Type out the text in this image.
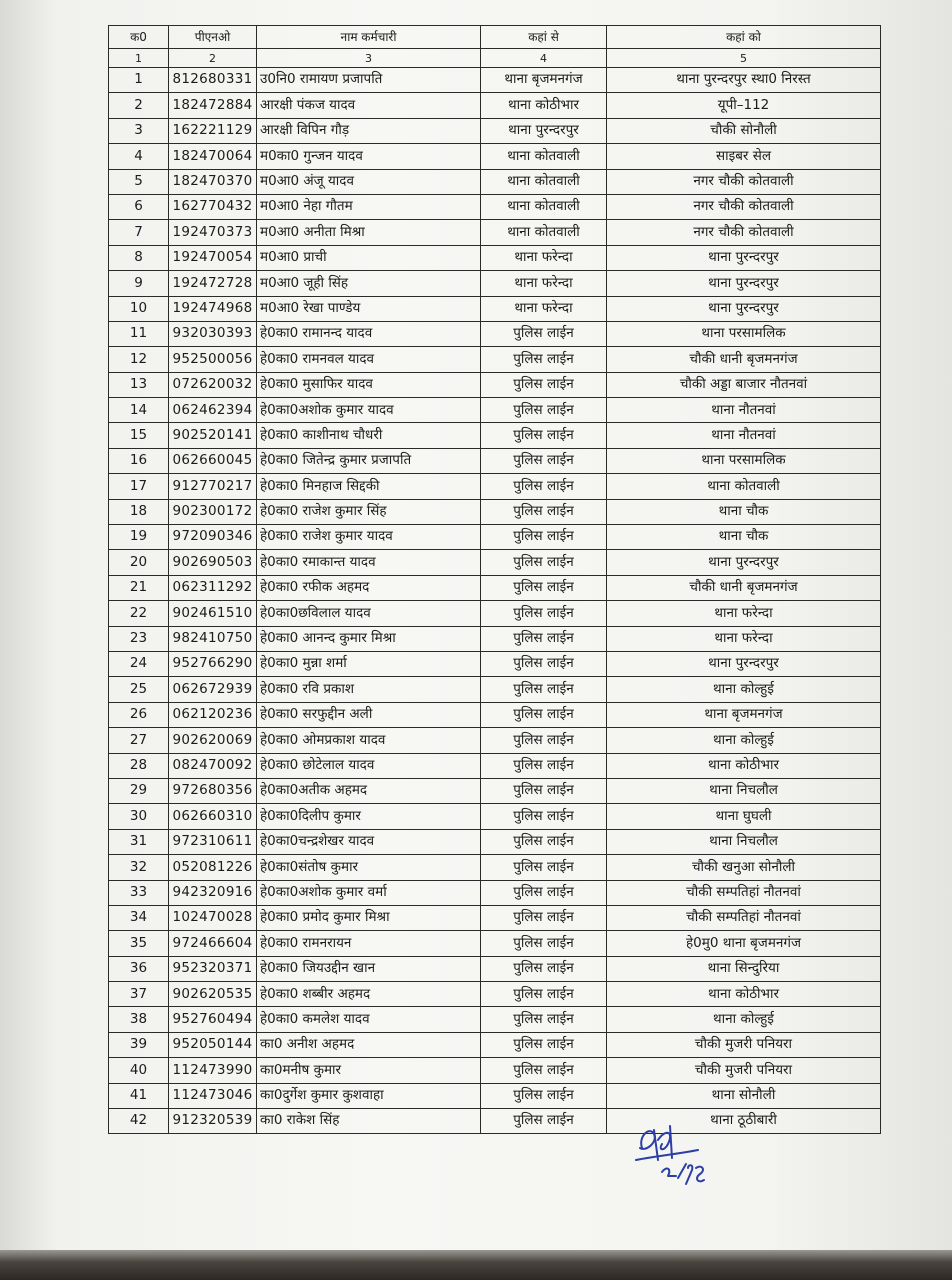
क0	पीएनओ	नाम कर्मचारी	कहां से	कहां को
1	2	3	4	5
1	812680331	उ0नि0 रामायण प्रजापति	थाना बृजमनगंज	थाना पुरन्दरपुर स्था0 निरस्त
2	182472884	आरक्षी पंकज यादव	थाना कोठीभार	यूपी–112
3	162221129	आरक्षी विपिन गौड़	थाना पुरन्दरपुर	चौकी सोनौली
4	182470064	म0का0 गुन्जन यादव	थाना कोतवाली	साइबर सेल
5	182470370	म0आ0 अंजू यादव	थाना कोतवाली	नगर चौकी कोतवाली
6	162770432	म0आ0 नेहा गौतम	थाना कोतवाली	नगर चौकी कोतवाली
7	192470373	म0आ0 अनीता मिश्रा	थाना कोतवाली	नगर चौकी कोतवाली
8	192470054	म0आ0 प्राची	थाना फरेन्दा	थाना पुरन्दरपुर
9	192472728	म0आ0 जूही सिंह	थाना फरेन्दा	थाना पुरन्दरपुर
10	192474968	म0आ0 रेखा पाण्डेय	थाना फरेन्दा	थाना पुरन्दरपुर
11	932030393	हे0का0 रामानन्द यादव	पुलिस लाईन	थाना परसामलिक
12	952500056	हे0का0 रामनवल यादव	पुलिस लाईन	चौकी धानी बृजमनगंज
13	072620032	हे0का0 मुसाफिर यादव	पुलिस लाईन	चौकी अड्डा बाजार नौतनवां
14	062462394	हे0का0अशोक कुमार यादव	पुलिस लाईन	थाना नौतनवां
15	902520141	हे0का0 काशीनाथ चौधरी	पुलिस लाईन	थाना नौतनवां
16	062660045	हे0का0 जितेन्द्र कुमार प्रजापति	पुलिस लाईन	थाना परसामलिक
17	912770217	हे0का0 मिनहाज सिद्दकी	पुलिस लाईन	थाना कोतवाली
18	902300172	हे0का0 राजेश कुमार सिंह	पुलिस लाईन	थाना चौक
19	972090346	हे0का0 राजेश कुमार यादव	पुलिस लाईन	थाना चौक
20	902690503	हे0का0 रमाकान्त यादव	पुलिस लाईन	थाना पुरन्दरपुर
21	062311292	हे0का0 रफीक अहमद	पुलिस लाईन	चौकी धानी बृजमनगंज
22	902461510	हे0का0छविलाल यादव	पुलिस लाईन	थाना फरेन्दा
23	982410750	हे0का0 आनन्द कुमार मिश्रा	पुलिस लाईन	थाना फरेन्दा
24	952766290	हे0का0 मुन्ना शर्मा	पुलिस लाईन	थाना पुरन्दरपुर
25	062672939	हे0का0 रवि प्रकाश	पुलिस लाईन	थाना कोल्हुई
26	062120236	हे0का0 सरफुद्दीन अली	पुलिस लाईन	थाना बृजमनगंज
27	902620069	हे0का0 ओमप्रकाश यादव	पुलिस लाईन	थाना कोल्हुई
28	082470092	हे0का0 छोटेलाल यादव	पुलिस लाईन	थाना कोठीभार
29	972680356	हे0का0अतीक अहमद	पुलिस लाईन	थाना निचलौल
30	062660310	हे0का0दिलीप कुमार	पुलिस लाईन	थाना घुघली
31	972310611	हे0का0चन्द्रशेखर यादव	पुलिस लाईन	थाना निचलौल
32	052081226	हे0का0संतोष कुमार	पुलिस लाईन	चौकी खनुआ सोनौली
33	942320916	हे0का0अशोक कुमार वर्मा	पुलिस लाईन	चौकी सम्पतिहां नौतनवां
34	102470028	हे0का0 प्रमोद कुमार मिश्रा	पुलिस लाईन	चौकी सम्पतिहां नौतनवां
35	972466604	हे0का0 रामनरायन	पुलिस लाईन	हे0मु0 थाना बृजमनगंज
36	952320371	हे0का0 जियउद्दीन खान	पुलिस लाईन	थाना सिन्दुरिया
37	902620535	हे0का0 शब्बीर अहमद	पुलिस लाईन	थाना कोठीभार
38	952760494	हे0का0 कमलेश यादव	पुलिस लाईन	थाना कोल्हुई
39	952050144	का0 अनीश अहमद	पुलिस लाईन	चौकी मुजरी पनियरा
40	112473990	का0मनीष कुमार	पुलिस लाईन	चौकी मुजरी पनियरा
41	112473046	का0दुर्गेश कुमार कुशवाहा	पुलिस लाईन	थाना सोनौली
42	912320539	का0 राकेश सिंह	पुलिस लाईन	थाना ठूठीबारी
